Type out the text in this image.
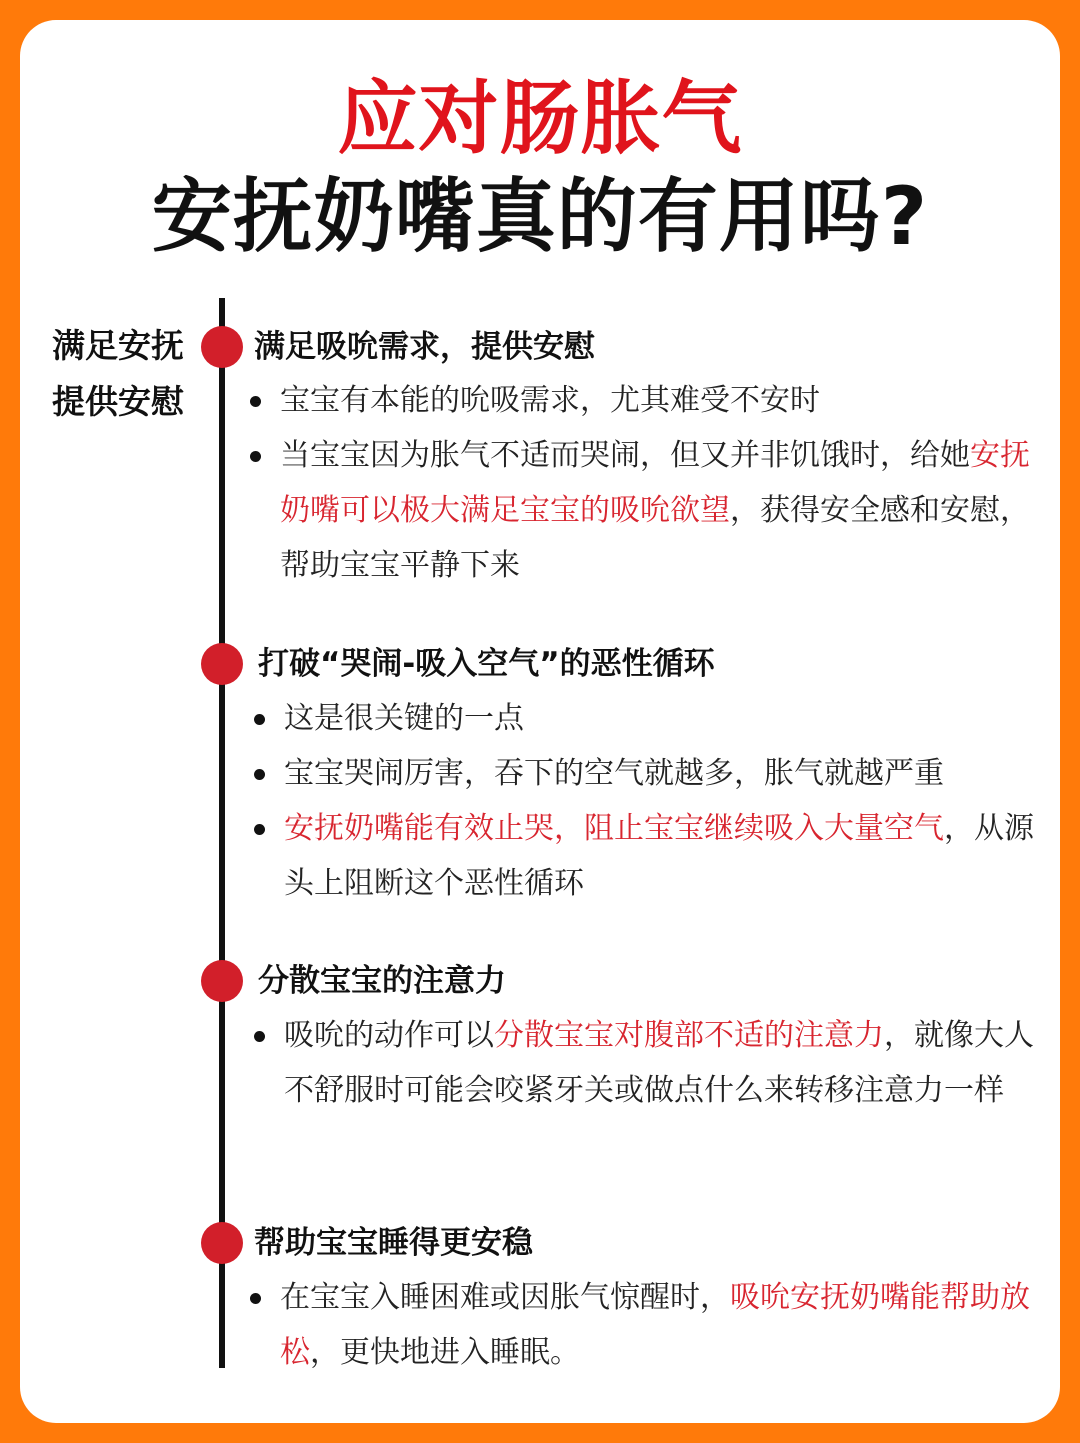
应对肠胀气
安抚奶嘴真的有用吗?
满足安抚
提供安慰
满足吸吮需求，提供安慰
宝宝有本能的吮吸需求，尤其难受不安时
当宝宝因为胀气不适而哭闹，但又并非饥饿时，给她安抚奶嘴可以极大满足宝宝的吸吮欲望，获得安全感和安慰，帮助宝宝平静下来
打破“哭闹-吸入空气”的恶性循环
这是很关键的一点
宝宝哭闹厉害，吞下的空气就越多，胀气就越严重
安抚奶嘴能有效止哭，阻止宝宝继续吸入大量空气，从源头上阻断这个恶性循环
分散宝宝的注意力
吸吮的动作可以分散宝宝对腹部不适的注意力，就像大人不舒服时可能会咬紧牙关或做点什么来转移注意力一样
帮助宝宝睡得更安稳
在宝宝入睡困难或因胀气惊醒时，吸吮安抚奶嘴能帮助放松，更快地进入睡眠。
